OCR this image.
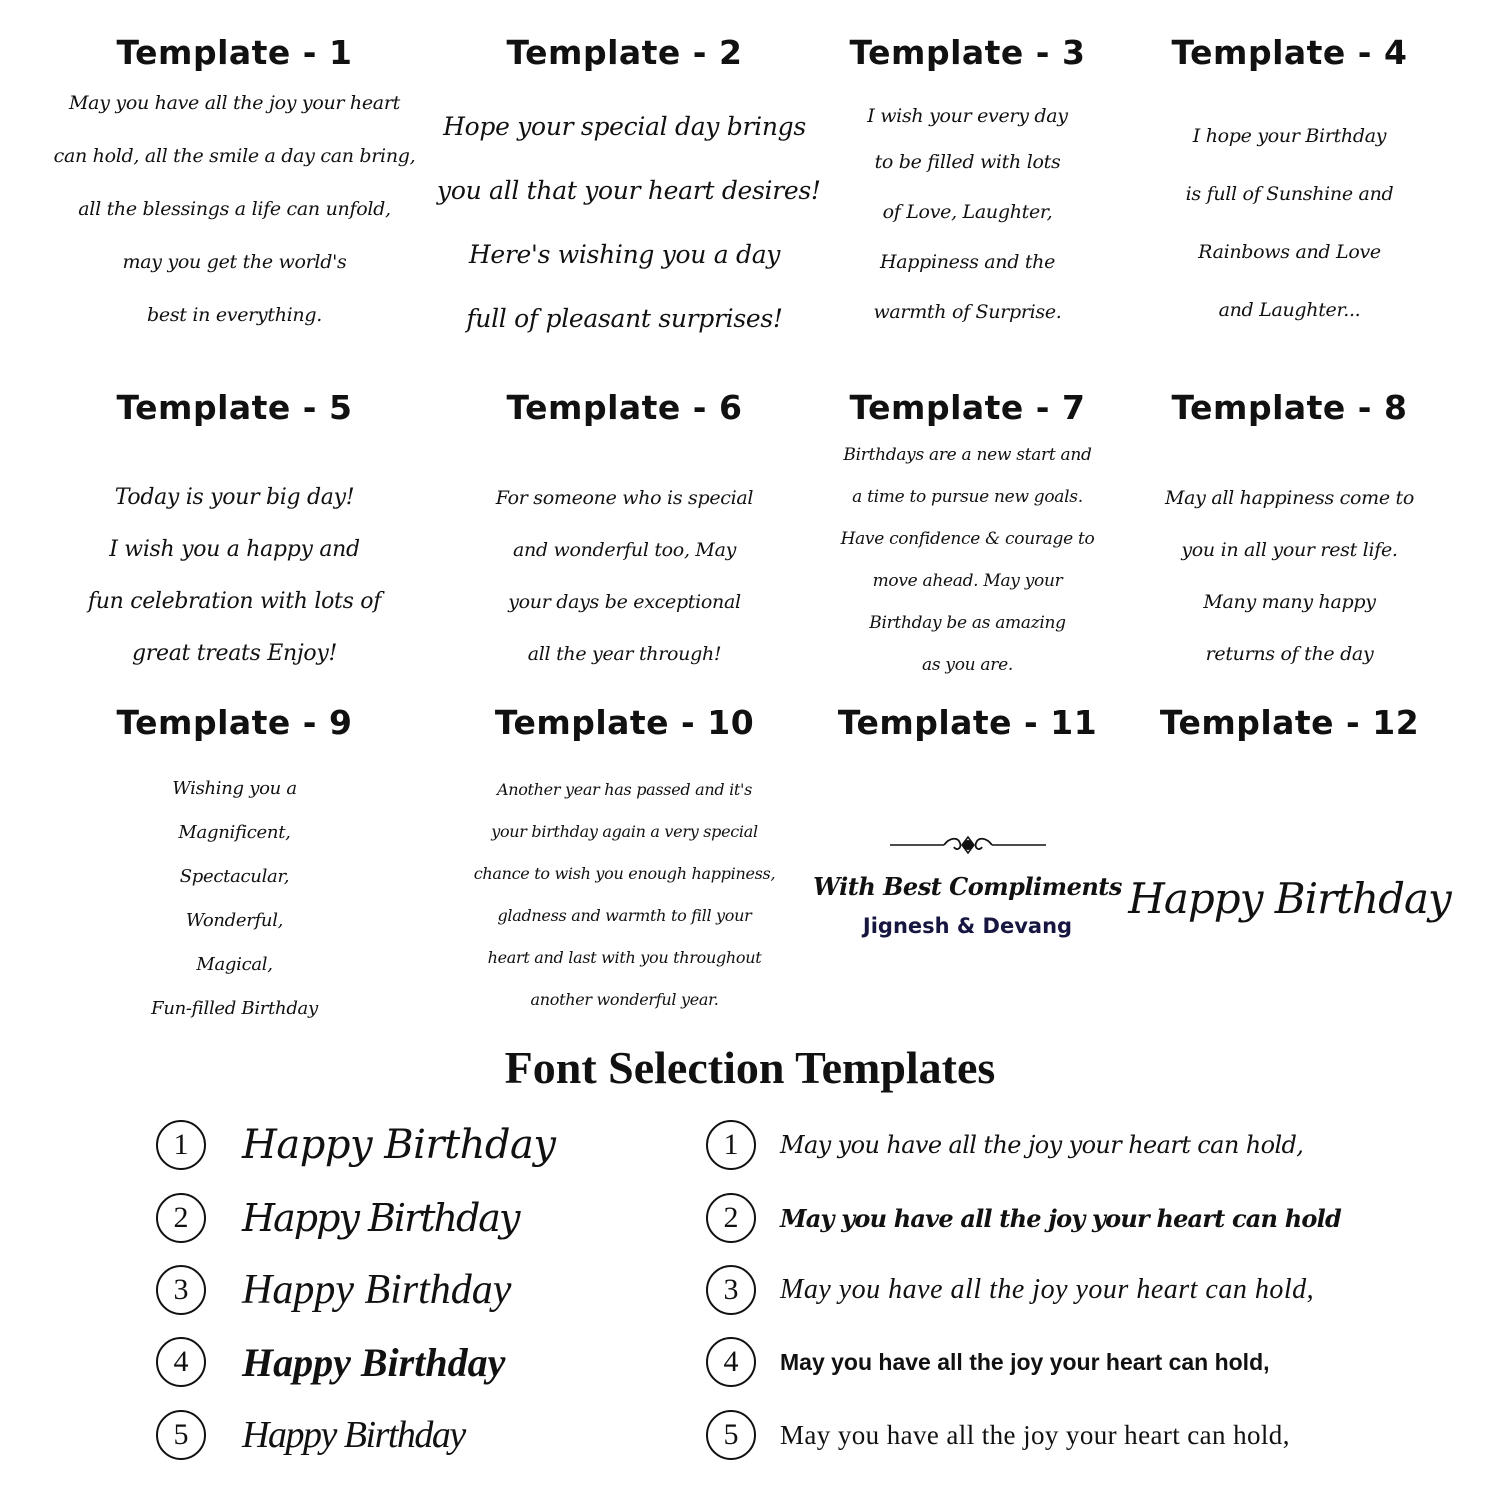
Template - 1
May you have all the joy your heart
can hold, all the smile a day can bring,
all the blessings a life can unfold,
may you get the world's
best in everything.
Template - 2
Hope your special day brings
you all that your heart desires!
Here's wishing you a day
full of pleasant surprises!
Template - 3
I wish your every day
to be filled with lots
of Love, Laughter,
Happiness and the
warmth of Surprise.
Template - 4
I hope your Birthday
is full of Sunshine and
Rainbows and Love
and Laughter...
Template - 5
Today is your big day!
I wish you a happy and
fun celebration with lots of
great treats Enjoy!
Template - 6
For someone who is special
and wonderful too, May
your days be exceptional
all the year through!
Template - 7
Birthdays are a new start and
a time to pursue new goals.
Have confidence & courage to
move ahead. May your
Birthday be as amazing
as you are.
Template - 8
May all happiness come to
you in all your rest life.
Many many happy
returns of the day
Template - 9
Wishing you a
Magnificent,
Spectacular,
Wonderful,
Magical,
Fun-filled Birthday
Template - 10
Another year has passed and it's
your birthday again a very special
chance to wish you enough happiness,
gladness and warmth to fill your
heart and last with you throughout
another wonderful year.
Template - 11
With Best Compliments
Jignesh & Devang
Template - 12
Happy Birthday
Font Selection Templates
1	Happy Birthday
2	Happy Birthday
3	Happy Birthday
4	Happy Birthday
5	Happy Birthday
1	May you have all the joy your heart can hold,
2	May you have all the joy your heart can hold
3	May you have all the joy your heart can hold,
4	May you have all the joy your heart can hold,
5	May you have all the joy your heart can hold,
